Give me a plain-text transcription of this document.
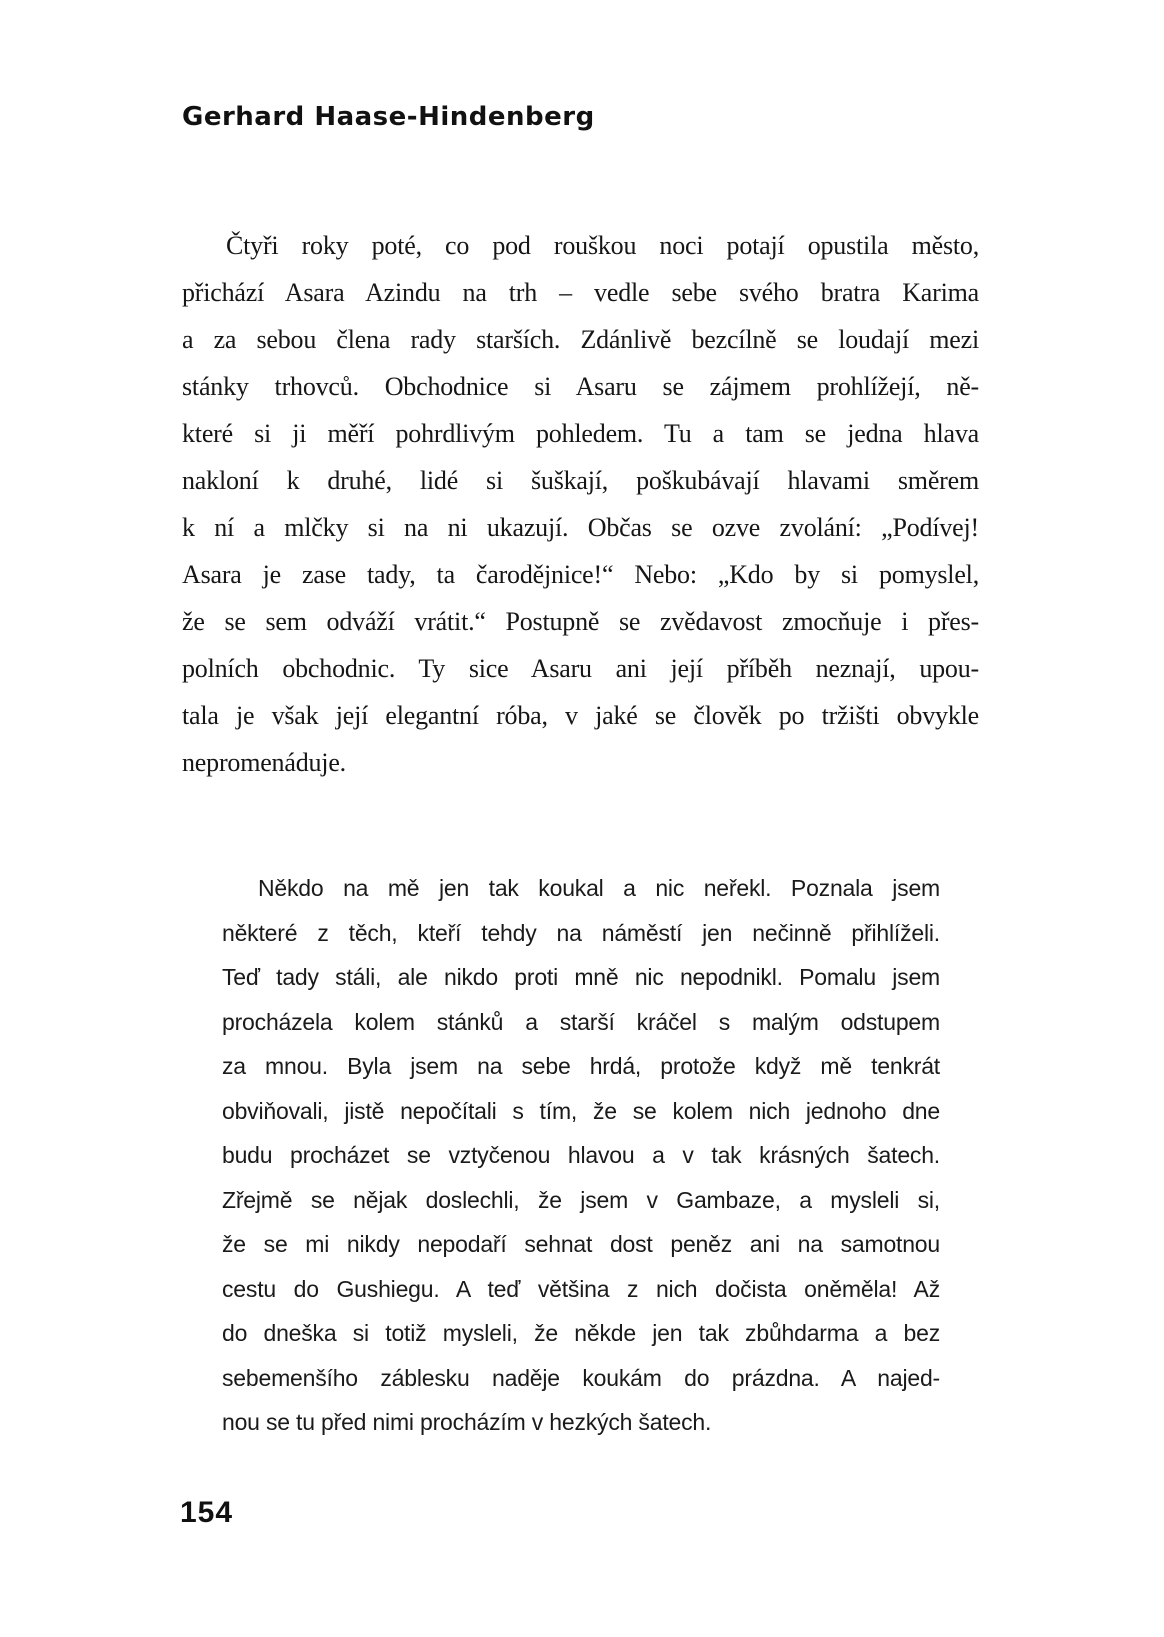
Gerhard Haase-Hindenberg
Čtyři roky poté, co pod rouškou noci potají opustila město,
přichází Asara Azindu na trh – vedle sebe svého bratra Karima
a za sebou člena rady starších. Zdánlivě bezcílně se loudají mezi
stánky trhovců. Obchodnice si Asaru se zájmem prohlížejí, ně-
které si ji měří pohrdlivým pohledem. Tu a tam se jedna hlava
nakloní k druhé, lidé si šuškají, poškubávají hlavami směrem
k ní a mlčky si na ni ukazují. Občas se ozve zvolání: „Podívej!
Asara je zase tady, ta čarodějnice!“ Nebo: „Kdo by si pomyslel,
že se sem odváží vrátit.“ Postupně se zvědavost zmocňuje i přes-
polních obchodnic. Ty sice Asaru ani její příběh neznají, upou-
tala je však její elegantní róba, v jaké se člověk po tržišti obvykle
nepromenáduje.
Někdo na mě jen tak koukal a nic neřekl. Poznala jsem
některé z těch, kteří tehdy na náměstí jen nečinně přihlíželi.
Teď tady stáli, ale nikdo proti mně nic nepodnikl. Pomalu jsem
procházela kolem stánků a starší kráčel s malým odstupem
za mnou. Byla jsem na sebe hrdá, protože když mě tenkrát
obviňovali, jistě nepočítali s tím, že se kolem nich jednoho dne
budu procházet se vztyčenou hlavou a v tak krásných šatech.
Zřejmě se nějak doslechli, že jsem v Gambaze, a mysleli si,
že se mi nikdy nepodaří sehnat dost peněz ani na samotnou
cestu do Gushiegu. A teď většina z nich dočista oněměla! Až
do dneška si totiž mysleli, že někde jen tak zbůhdarma a bez
sebemenšího záblesku naděje koukám do prázdna. A najed-
nou se tu před nimi procházím v hezkých šatech.
154
